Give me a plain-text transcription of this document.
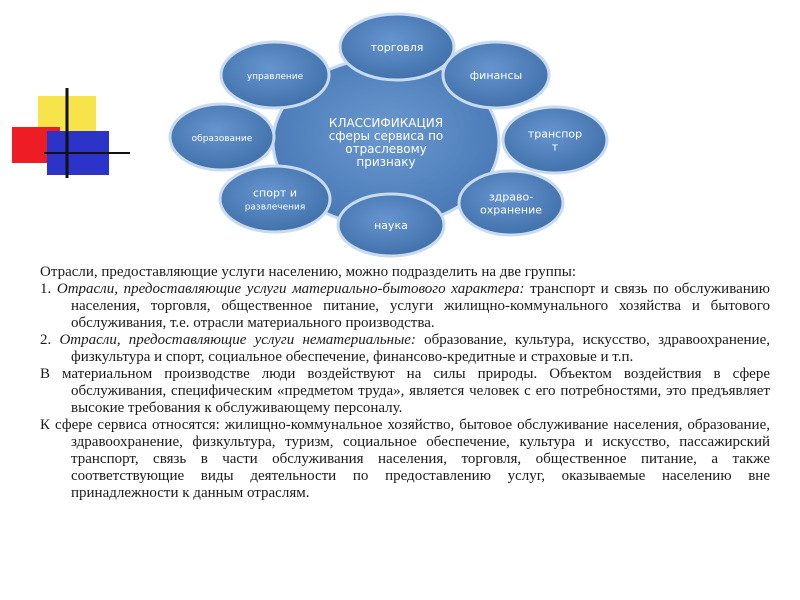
КЛАССИФИКАЦИЯ
сферы сервиса по
отраслевому
признаку
торговля
финансы
транспор
т
здраво-
охранение
наука
спорт и
развлечения
образование
управление

Отрасли, предоставляющие услуги населению, можно подразделить на две группы:

1. Отрасли, предоставляющие услуги материально-бытового характера: транспорт и связь по обслуживанию населения, торговля, общественное питание, услуги жилищно-коммунального хозяйства и бытового обслуживания, т.е. отрасли материального производства.

2. Отрасли, предоставляющие услуги нематериальные: образование, культура, искусство, здравоохранение, физкультура и спорт, социальное обеспечение, финансово-кредитные и страховые и т.п.

В материальном производстве люди воздействуют на силы природы. Объектом воздействия в сфере обслуживания, специфическим «предметом труда», является человек с его потребностями, это предъявляет высокие требования к обслуживающему персоналу.

К сфере сервиса относятся: жилищно-коммунальное хозяйство, бытовое обслуживание населения, образование, здравоохранение, физкультура, туризм, социальное обеспечение, культура и искусство, пассажирский транспорт, связь в части обслуживания населения, торговля, общественное питание, а также соответствующие виды деятельности по предоставлению услуг, оказываемые населению вне принадлежности к данным отраслям.
